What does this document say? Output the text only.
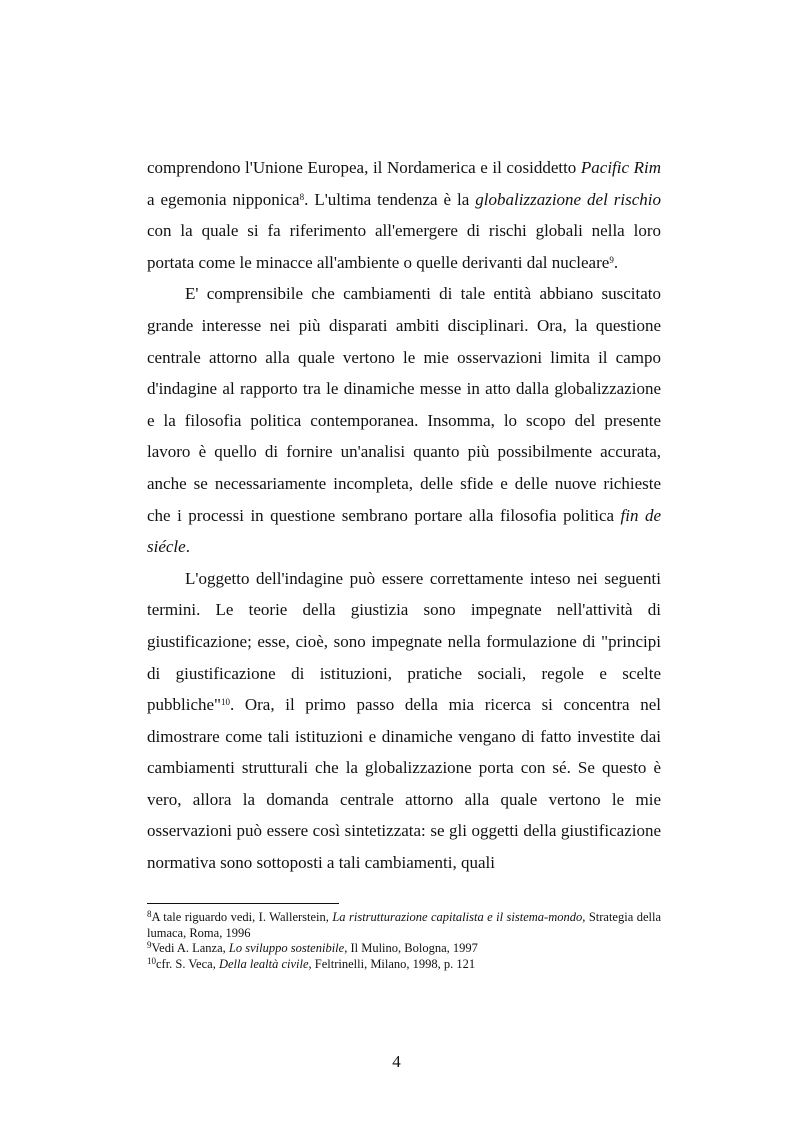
comprendono l'Unione Europea, il Nordamerica e il cosiddetto Pacific Rim a egemonia nipponica$^8$. L'ultima tendenza è la globalizzazione del rischio con la quale si fa riferimento all'emergere di rischi globali nella loro portata come le minacce all'ambiente o quelle derivanti dal nucleare$^9$.

E' comprensibile che cambiamenti di tale entità abbiano suscitato grande interesse nei più disparati ambiti disciplinari. Ora, la questione centrale attorno alla quale vertono le mie osservazioni limita il campo d'indagine al rapporto tra le dinamiche messe in atto dalla globalizzazione e la filosofia politica contemporanea. Insomma, lo scopo del presente lavoro è quello di fornire un'analisi quanto più possibilmente accurata, anche se necessariamente incompleta, delle sfide e delle nuove richieste che i processi in questione sembrano portare alla filosofia politica fin de siécle.

L'oggetto dell'indagine può essere correttamente inteso nei seguenti termini. Le teorie della giustizia sono impegnate nell'attività di giustificazione; esse, cioè, sono impegnate nella formulazione di "principi di giustificazione di istituzioni, pratiche sociali, regole e scelte pubbliche"$^{10}$. Ora, il primo passo della mia ricerca si concentra nel dimostrare come tali istituzioni e dinamiche vengano di fatto investite dai cambiamenti strutturali che la globalizzazione porta con sé. Se questo è vero, allora la domanda centrale attorno alla quale vertono le mie osservazioni può essere così sintetizzata: se gli oggetti della giustificazione normativa sono sottoposti a tali cambiamenti, quali

$^8$A tale riguardo vedi, I. Wallerstein, La ristrutturazione capitalista e il sistema-mondo, Strategia della lumaca, Roma, 1996

$^9$Vedi A. Lanza, Lo sviluppo sostenibile, Il Mulino, Bologna, 1997

$^{10}$cfr. S. Veca, Della lealtà civile, Feltrinelli, Milano, 1998, p. 121

4
